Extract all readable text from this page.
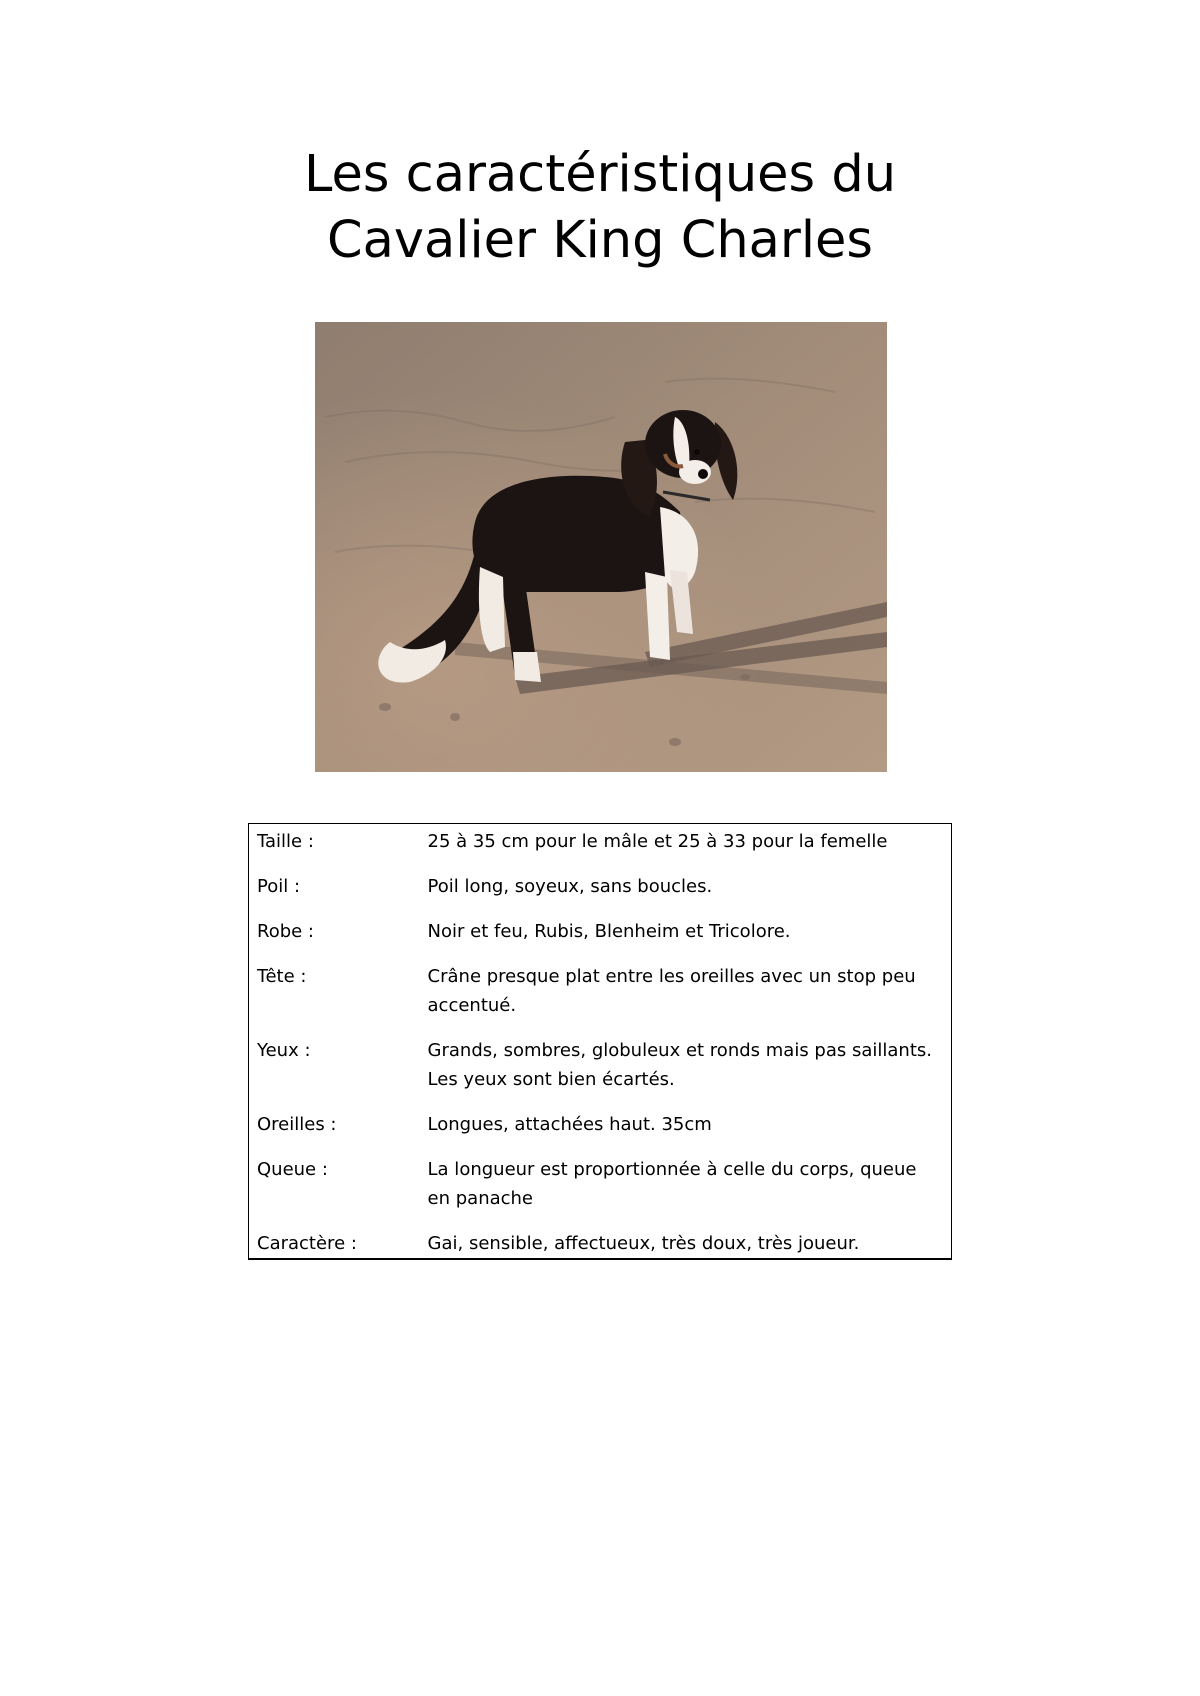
Les caractéristiques du
Cavalier King Charles
Taille :	25 à 35 cm pour le mâle et 25 à 33 pour la femelle
Poil :	Poil long, soyeux, sans boucles.
Robe :	Noir et feu, Rubis, Blenheim et Tricolore.
Tête :	Crâne presque plat entre les oreilles avec un stop peu accentué.
Yeux :	Grands, sombres, globuleux et ronds mais pas saillants. Les yeux sont bien écartés.
Oreilles :	Longues, attachées haut. 35cm
Queue :	La longueur est proportionnée à celle du corps, queue en panache
Caractère :	Gai, sensible, affectueux, très doux, très joueur.
